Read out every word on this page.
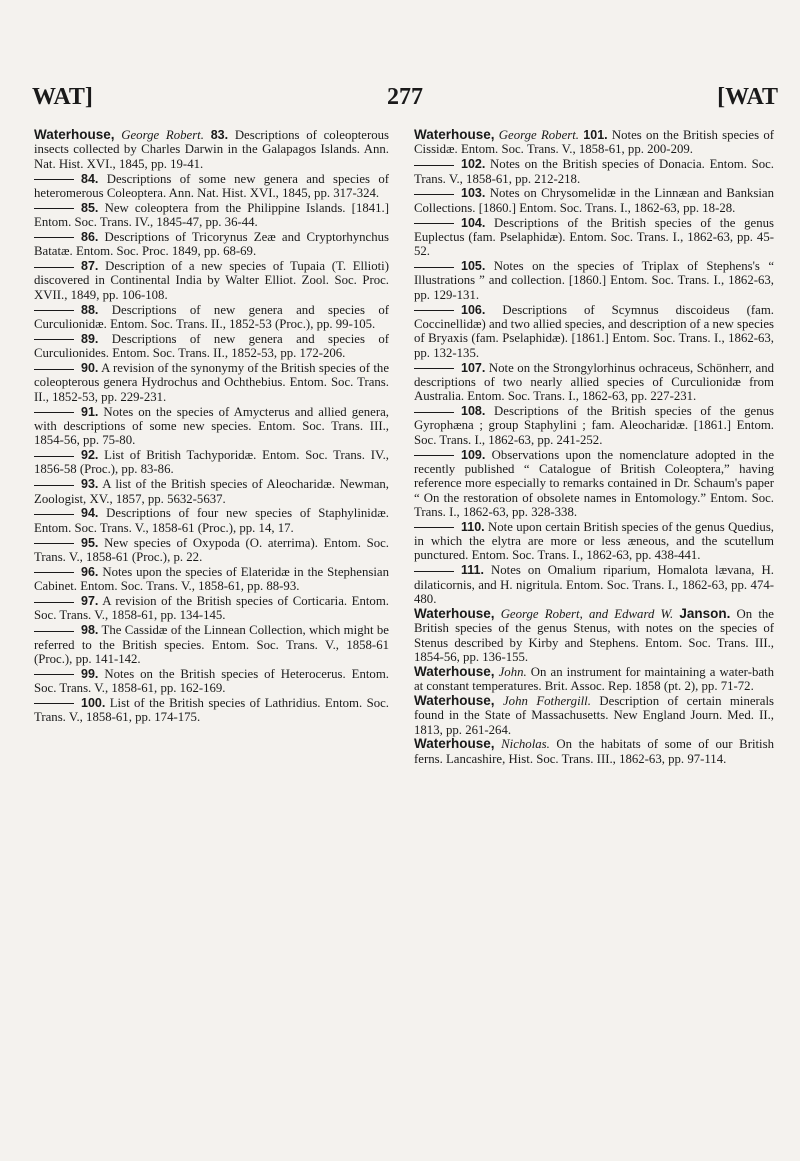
WAT]	277	[WAT

Waterhouse, George Robert. 83. Descriptions of coleopterous insects collected by Charles Darwin in the Galapagos Islands. Ann. Nat. Hist. XVI., 1845, pp. 19-41.

84. Descriptions of some new genera and species of heteromerous Coleoptera. Ann. Nat. Hist. XVI., 1845, pp. 317-324.

85. New coleoptera from the Philippine Islands. [1841.] Entom. Soc. Trans. IV., 1845-47, pp. 36-44.

86. Descriptions of Tricorynus Zeæ and Cryptorhynchus Batatæ. Entom. Soc. Proc. 1849, pp. 68-69.

87. Description of a new species of Tupaia (T. Ellioti) discovered in Continental India by Walter Elliot. Zool. Soc. Proc. XVII., 1849, pp. 106-108.

88. Descriptions of new genera and species of Curculionidæ. Entom. Soc. Trans. II., 1852-53 (Proc.), pp. 99-105.

89. Descriptions of new genera and species of Curculionides. Entom. Soc. Trans. II., 1852-53, pp. 172-206.

90. A revision of the synonymy of the British species of the coleopterous genera Hydrochus and Ochthebius. Entom. Soc. Trans. II., 1852-53, pp. 229-231.

91. Notes on the species of Amycterus and allied genera, with descriptions of some new species. Entom. Soc. Trans. III., 1854-56, pp. 75-80.

92. List of British Tachyporidæ. Entom. Soc. Trans. IV., 1856-58 (Proc.), pp. 83-86.

93. A list of the British species of Aleocharidæ. Newman, Zoologist, XV., 1857, pp. 5632-5637.

94. Descriptions of four new species of Staphylinidæ. Entom. Soc. Trans. V., 1858-61 (Proc.), pp. 14, 17.

95. New species of Oxypoda (O. aterrima). Entom. Soc. Trans. V., 1858-61 (Proc.), p. 22.

96. Notes upon the species of Elateridæ in the Stephensian Cabinet. Entom. Soc. Trans. V., 1858-61, pp. 88-93.

97. A revision of the British species of Corticaria. Entom. Soc. Trans. V., 1858-61, pp. 134-145.

98. The Cassidæ of the Linnean Collection, which might be referred to the British species. Entom. Soc. Trans. V., 1858-61 (Proc.), pp. 141-142.

99. Notes on the British species of Heterocerus. Entom. Soc. Trans. V., 1858-61, pp. 162-169.

100. List of the British species of Lathridius. Entom. Soc. Trans. V., 1858-61, pp. 174-175.

Waterhouse, George Robert. 101. Notes on the British species of Cissidæ. Entom. Soc. Trans. V., 1858-61, pp. 200-209.

102. Notes on the British species of Donacia. Entom. Soc. Trans. V., 1858-61, pp. 212-218.

103. Notes on Chrysomelidæ in the Linnæan and Banksian Collections. [1860.] Entom. Soc. Trans. I., 1862-63, pp. 18-28.

104. Descriptions of the British species of the genus Euplectus (fam. Pselaphidæ). Entom. Soc. Trans. I., 1862-63, pp. 45-52.

105. Notes on the species of Triplax of Stephens's “ Illustrations ” and collection. [1860.] Entom. Soc. Trans. I., 1862-63, pp. 129-131.

106. Descriptions of Scymnus discoideus (fam. Coccinellidæ) and two allied species, and description of a new species of Bryaxis (fam. Pselaphidæ). [1861.] Entom. Soc. Trans. I., 1862-63, pp. 132-135.

107. Note on the Strongylorhinus ochraceus, Schönherr, and descriptions of two nearly allied species of Curculionidæ from Australia. Entom. Soc. Trans. I., 1862-63, pp. 227-231.

108. Descriptions of the British species of the genus Gyrophæna ; group Staphylini ; fam. Aleocharidæ. [1861.] Entom. Soc. Trans. I., 1862-63, pp. 241-252.

109. Observations upon the nomenclature adopted in the recently published “ Catalogue of British Coleoptera,” having reference more especially to remarks contained in Dr. Schaum's paper “ On the restoration of obsolete names in Entomology.” Entom. Soc. Trans. I., 1862-63, pp. 328-338.

110. Note upon certain British species of the genus Quedius, in which the elytra are more or less æneous, and the scutellum punctured. Entom. Soc. Trans. I., 1862-63, pp. 438-441.

111. Notes on Omalium riparium, Homalota lævana, H. dilaticornis, and H. nigritula. Entom. Soc. Trans. I., 1862-63, pp. 474-480.

Waterhouse, George Robert, and Edward W. Janson. On the British species of the genus Stenus, with notes on the species of Stenus described by Kirby and Stephens. Entom. Soc. Trans. III., 1854-56, pp. 136-155.

Waterhouse, John. On an instrument for maintaining a water-bath at constant temperatures. Brit. Assoc. Rep. 1858 (pt. 2), pp. 71-72.

Waterhouse, John Fothergill. Description of certain minerals found in the State of Massachusetts. New England Journ. Med. II., 1813, pp. 261-264.

Waterhouse, Nicholas. On the habitats of some of our British ferns. Lancashire, Hist. Soc. Trans. III., 1862-63, pp. 97-114.
